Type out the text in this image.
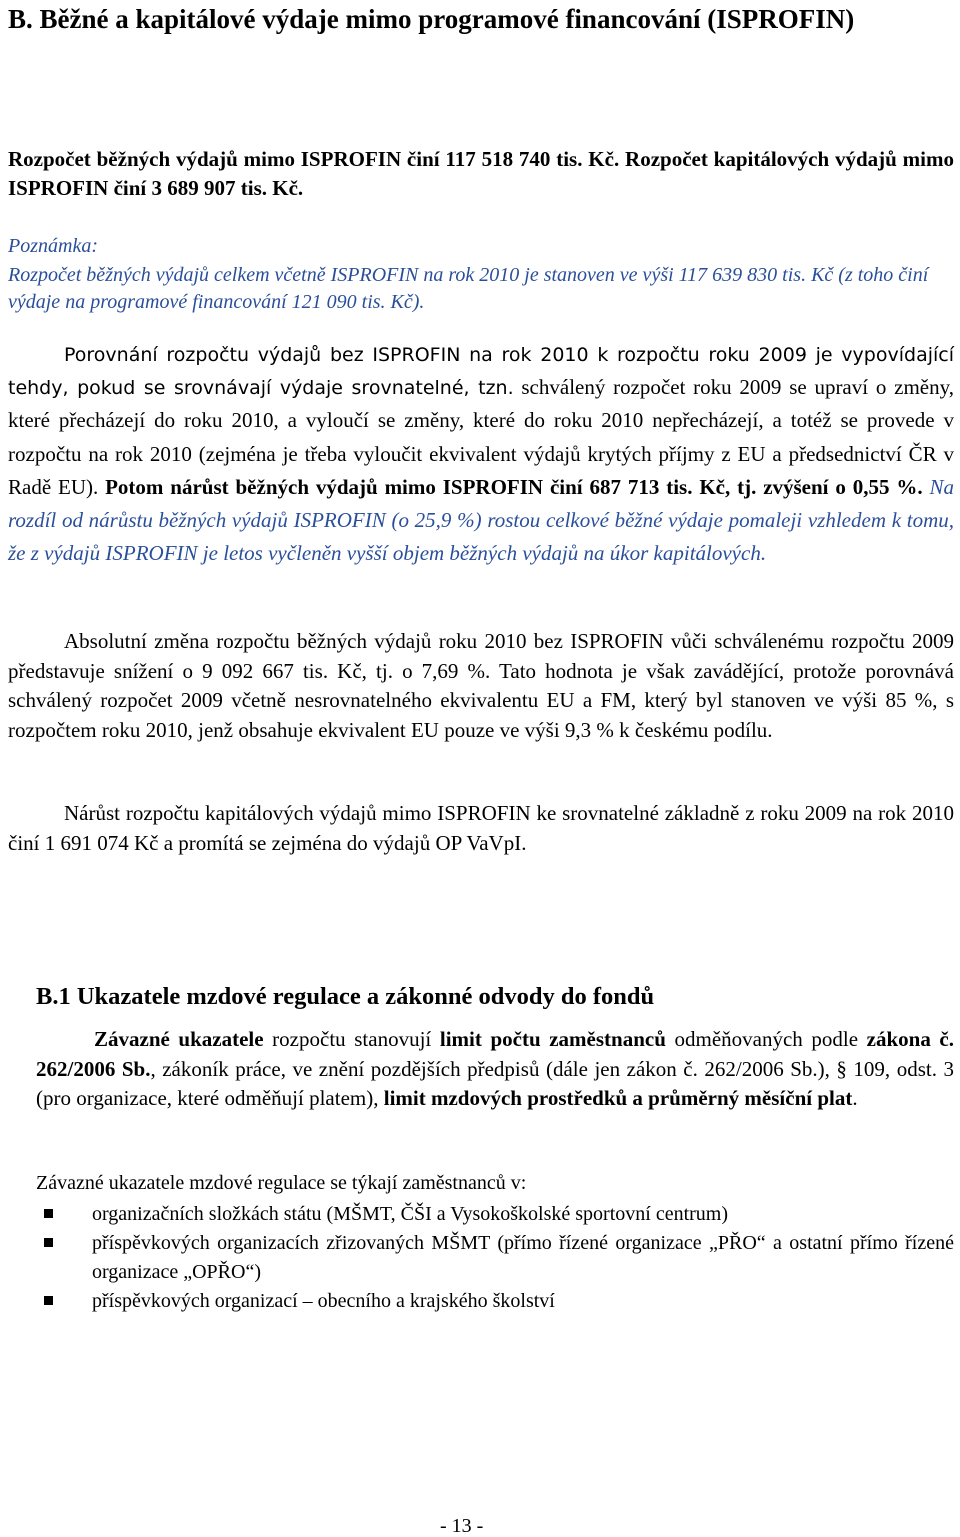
B. Běžné a kapitálové výdaje mimo programové financování (ISPROFIN)

Rozpočet běžných výdajů mimo ISPROFIN činí 117 518 740 tis. Kč. Rozpočet kapitálových výdajů mimo ISPROFIN činí 3 689 907 tis. Kč.

Poznámka:
Rozpočet běžných výdajů celkem včetně ISPROFIN na rok 2010 je stanoven ve výši 117 639 830 tis. Kč (z toho činí výdaje na programové financování 121 090 tis. Kč).

Porovnání rozpočtu výdajů bez ISPROFIN na rok 2010 k rozpočtu roku 2009 je vypovídající tehdy, pokud se srovnávají výdaje srovnatelné, tzn. schválený rozpočet roku 2009 se upraví o změny, které přecházejí do roku 2010, a vyloučí se změny, které do roku 2010 nepřecházejí, a totéž se provede v rozpočtu na rok 2010 (zejména je třeba vyloučit ekvivalent výdajů krytých příjmy z EU a předsednictví ČR v Radě EU). Potom nárůst běžných výdajů mimo ISPROFIN činí 687 713 tis. Kč, tj. zvýšení o 0,55 %. Na rozdíl od nárůstu běžných výdajů ISPROFIN (o 25,9 %) rostou celkové běžné výdaje pomaleji vzhledem k tomu, že z výdajů ISPROFIN je letos vyčleněn vyšší objem běžných výdajů na úkor kapitálových.

Absolutní změna rozpočtu běžných výdajů roku 2010 bez ISPROFIN vůči schválenému rozpočtu 2009 představuje snížení o 9 092 667 tis. Kč, tj. o 7,69 %. Tato hodnota je však zavádějící, protože porovnává schválený rozpočet 2009 včetně nesrovnatelného ekvivalentu EU a FM, který byl stanoven ve výši 85 %, s rozpočtem roku 2010, jenž obsahuje ekvivalent EU pouze ve výši 9,3 % k českému podílu.

Nárůst rozpočtu kapitálových výdajů mimo ISPROFIN ke srovnatelné základně z roku 2009 na rok 2010 činí 1 691 074 Kč a promítá se zejména do výdajů OP VaVpI.

B.1 Ukazatele mzdové regulace a zákonné odvody do fondů

Závazné ukazatele rozpočtu stanovují limit počtu zaměstnanců odměňovaných podle zákona č. 262/2006 Sb., zákoník práce, ve znění pozdějších předpisů (dále jen zákon č. 262/2006 Sb.), § 109, odst. 3 (pro organizace, které odměňují platem), limit mzdových prostředků a průměrný měsíční plat.

Závazné ukazatele mzdové regulace se týkají zaměstnanců v:
organizačních složkách státu (MŠMT, ČŠI a Vysokoškolské sportovní centrum)
příspěvkových organizacích zřizovaných MŠMT (přímo řízené organizace „PŘO“ a ostatní přímo řízené organizace „OPŘO“)
příspěvkových organizací – obecního a krajského školství
- 13 -
